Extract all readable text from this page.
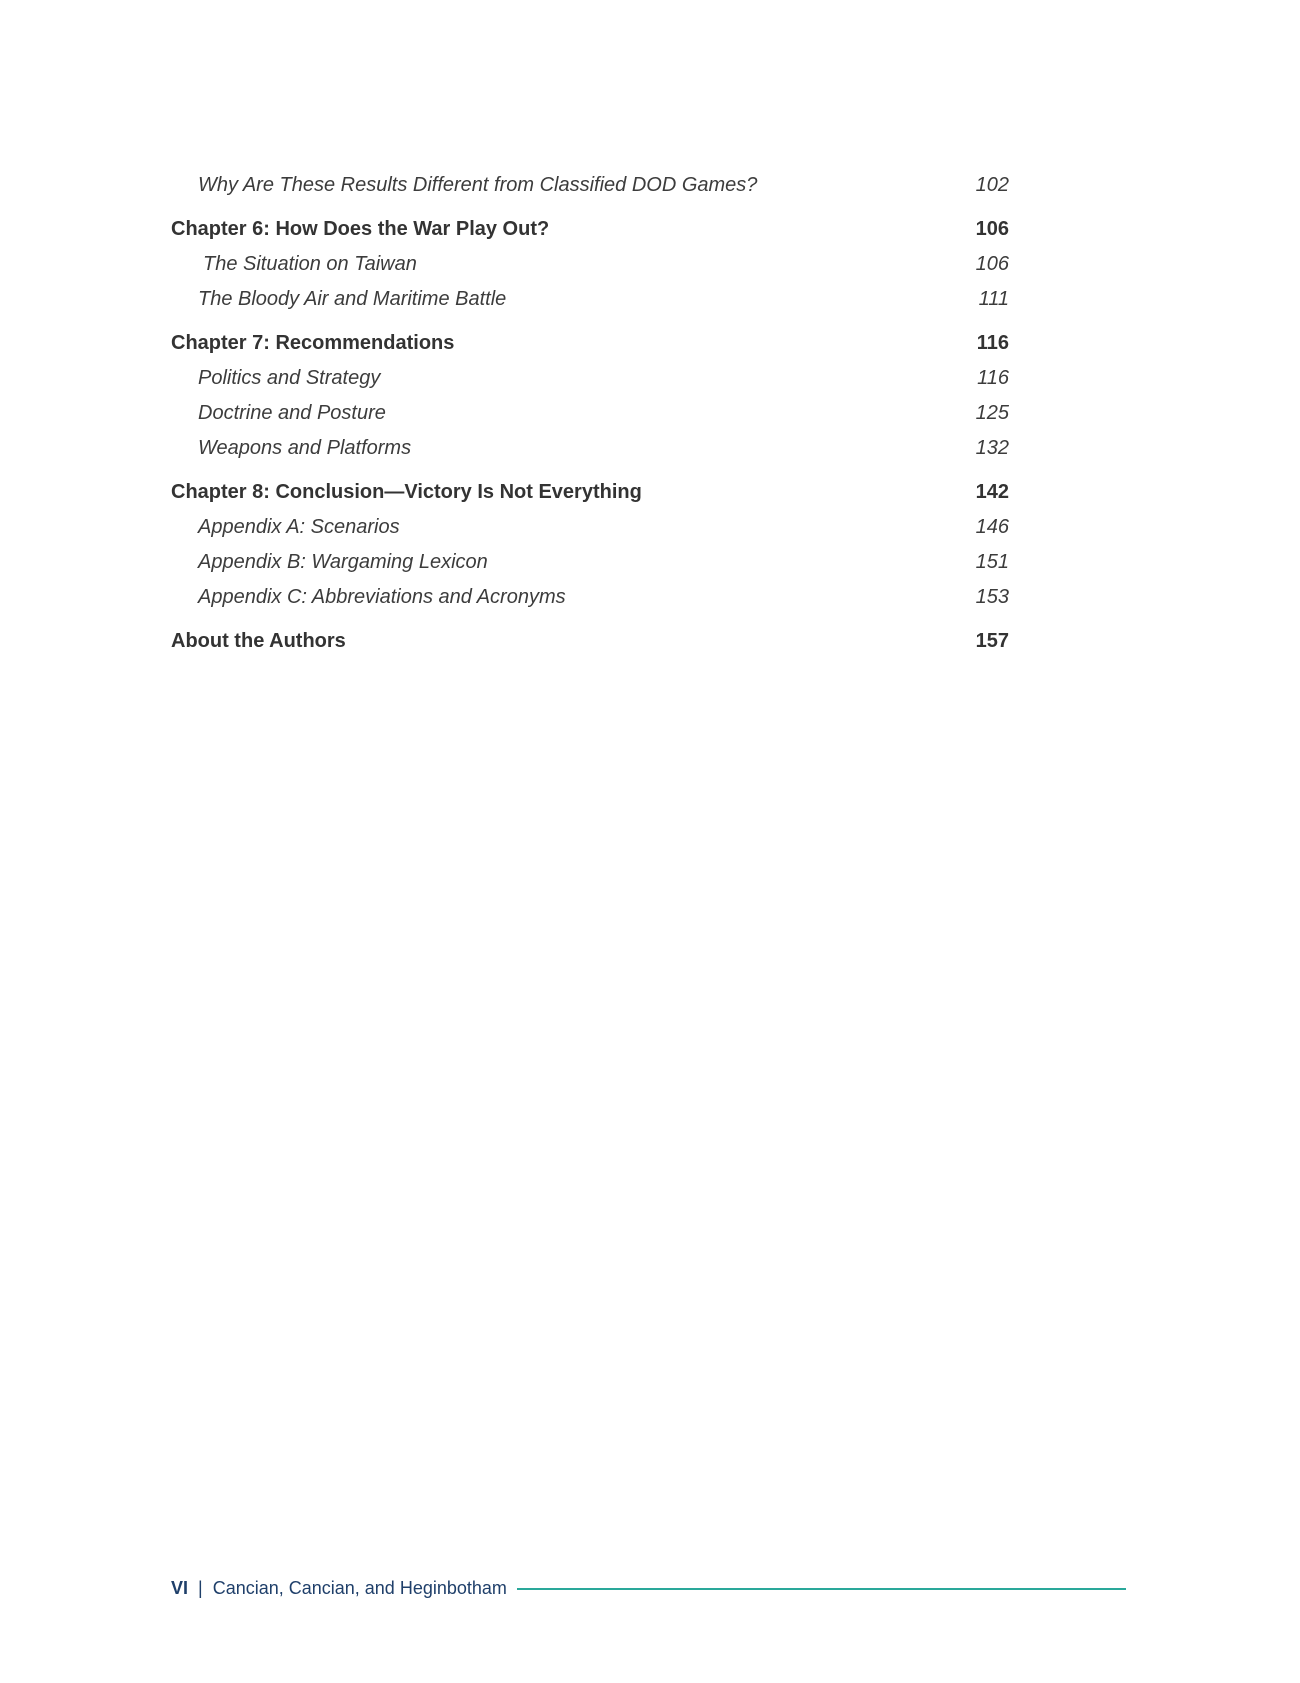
Why Are These Results Different from Classified DOD Games?	102
Chapter 6: How Does the War Play Out?	106
The Situation on Taiwan	106
The Bloody Air and Maritime Battle	111
Chapter 7: Recommendations	116
Politics and Strategy	116
Doctrine and Posture	125
Weapons and Platforms	132
Chapter 8: Conclusion—Victory Is Not Everything	142
Appendix A: Scenarios	146
Appendix B: Wargaming Lexicon	151
Appendix C: Abbreviations and Acronyms	153
About the Authors	157
VI | Cancian, Cancian, and Heginbotham
